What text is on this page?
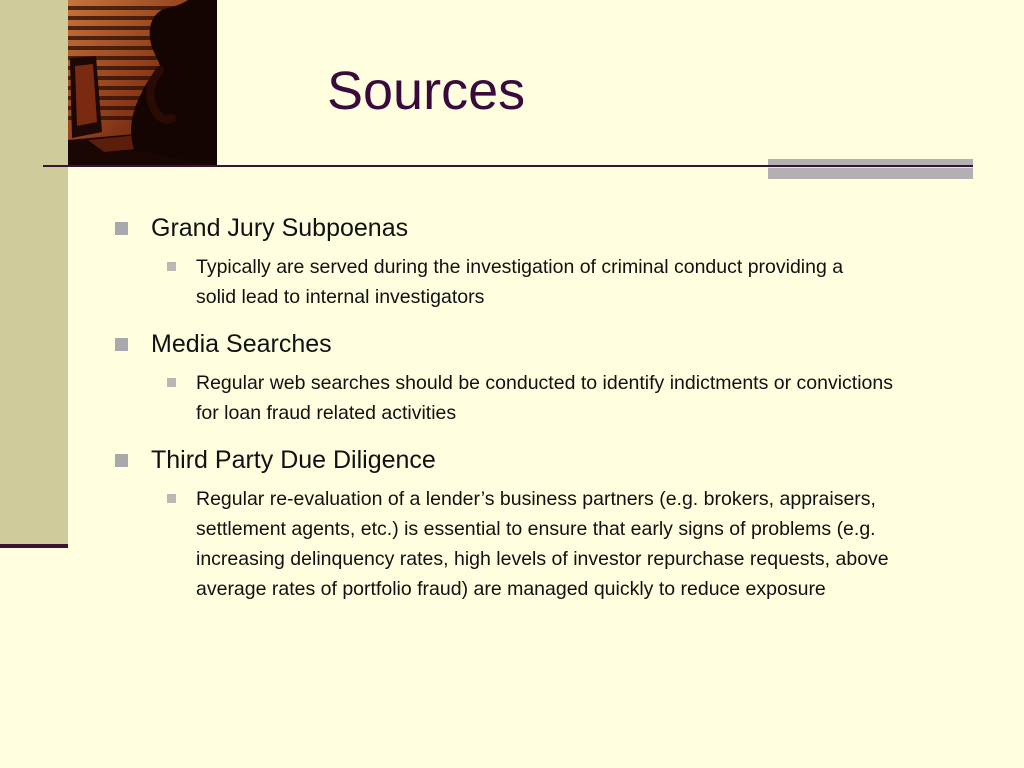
Sources
Grand Jury Subpoenas
Typically are served during the investigation of criminal conduct providing a solid lead to internal investigators
Media Searches
Regular web searches should be conducted to identify indictments or convictions for loan fraud related activities
Third Party Due Diligence
Regular re-evaluation of a lender’s business partners (e.g. brokers, appraisers, settlement agents, etc.) is essential to ensure that early signs of problems (e.g. increasing delinquency rates, high levels of investor repurchase requests, above average rates of portfolio fraud) are managed quickly to reduce exposure
